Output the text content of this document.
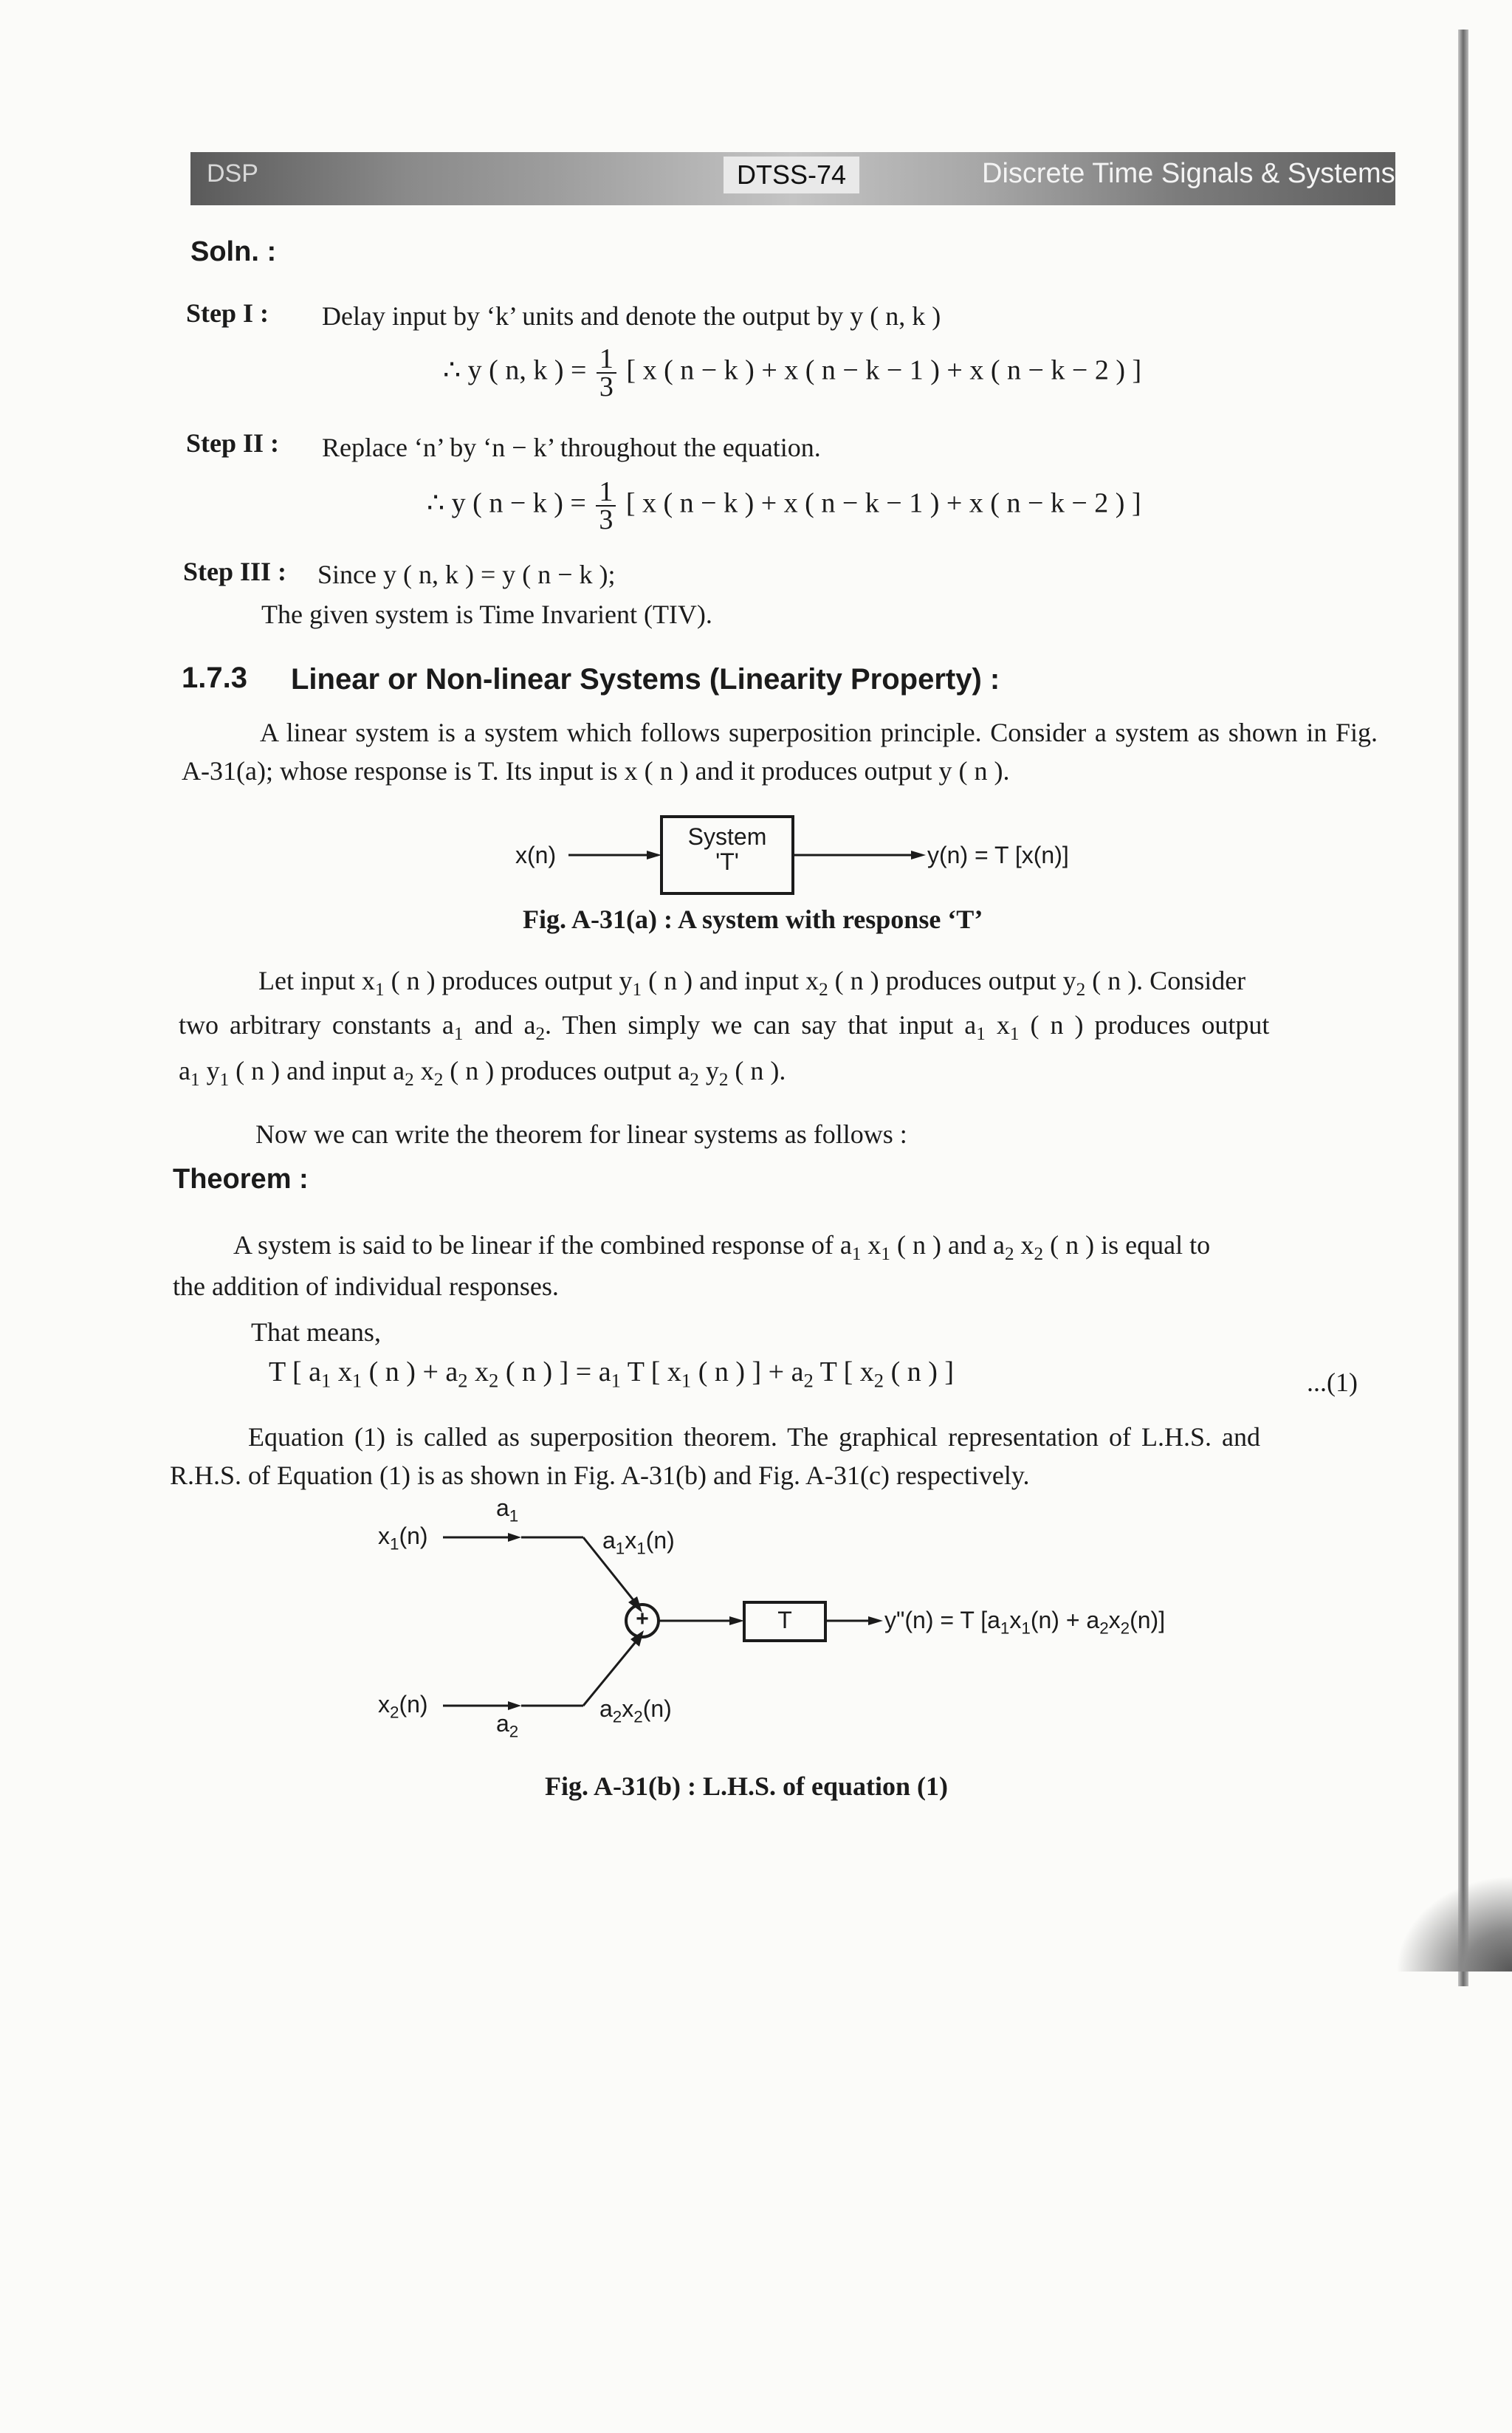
DSP	DTSS-74	Discrete Time Signals & Systems
Soln. :
Step I : Delay input by ‘k’ units and denote the output by y ( n, k )
∴ y ( n, k ) = $\frac{1}{3}$ [ x ( n − k ) + x ( n − k − 1 ) + x ( n − k − 2 ) ]
Step II : Replace ‘n’ by ‘n − k’ throughout the equation.
∴ y ( n − k ) = $\frac{1}{3}$ [ x ( n − k ) + x ( n − k − 1 ) + x ( n − k − 2 ) ]
Step III : Since y ( n, k ) = y ( n − k );
The given system is Time Invarient (TIV).
1.7.3 Linear or Non-linear Systems (Linearity Property) :
A linear system is a system which follows superposition principle. Consider a system as shown in Fig. A-31(a); whose response is T. Its input is x ( n ) and it produces output y ( n ).
x(n)
System
'T'	y(n) = T [x(n)]
Fig. A-31(a) : A system with response ‘T’
Let input $x_1$ ( n ) produces output $y_1$ ( n ) and input $x_2$ ( n ) produces output $y_2$ ( n ). Consider
two arbitrary constants $a_1$ and $a_2$. Then simply we can say that input $a_1$ $x_1$ ( n ) produces output
$a_1$ $y_1$ ( n ) and input $a_2$ $x_2$ ( n ) produces output $a_2$ $y_2$ ( n ).
Now we can write the theorem for linear systems as follows :
Theorem :
A system is said to be linear if the combined response of $a_1$ $x_1$ ( n ) and $a_2$ $x_2$ ( n ) is equal to
the addition of individual responses.
That means,
T [ $a_1$ $x_1$ ( n ) + $a_2$ $x_2$ ( n ) ] = $a_1$ T [ $x_1$ ( n ) ] + $a_2$ T [ $x_2$ ( n ) ]	...(1)
Equation (1) is called as superposition theorem. The graphical representation of L.H.S. and
R.H.S. of Equation (1) is as shown in Fig. A-31(b) and Fig. A-31(c) respectively.
$a_1$
$x_1(n)$	$a_1x_1(n)$
+	T	y"(n) = T $[a_1x_1(n) + a_2x_2(n)]$
$x_2(n)$	$a_2x_2(n)$
$a_2$
Fig. A-31(b) : L.H.S. of equation (1)
